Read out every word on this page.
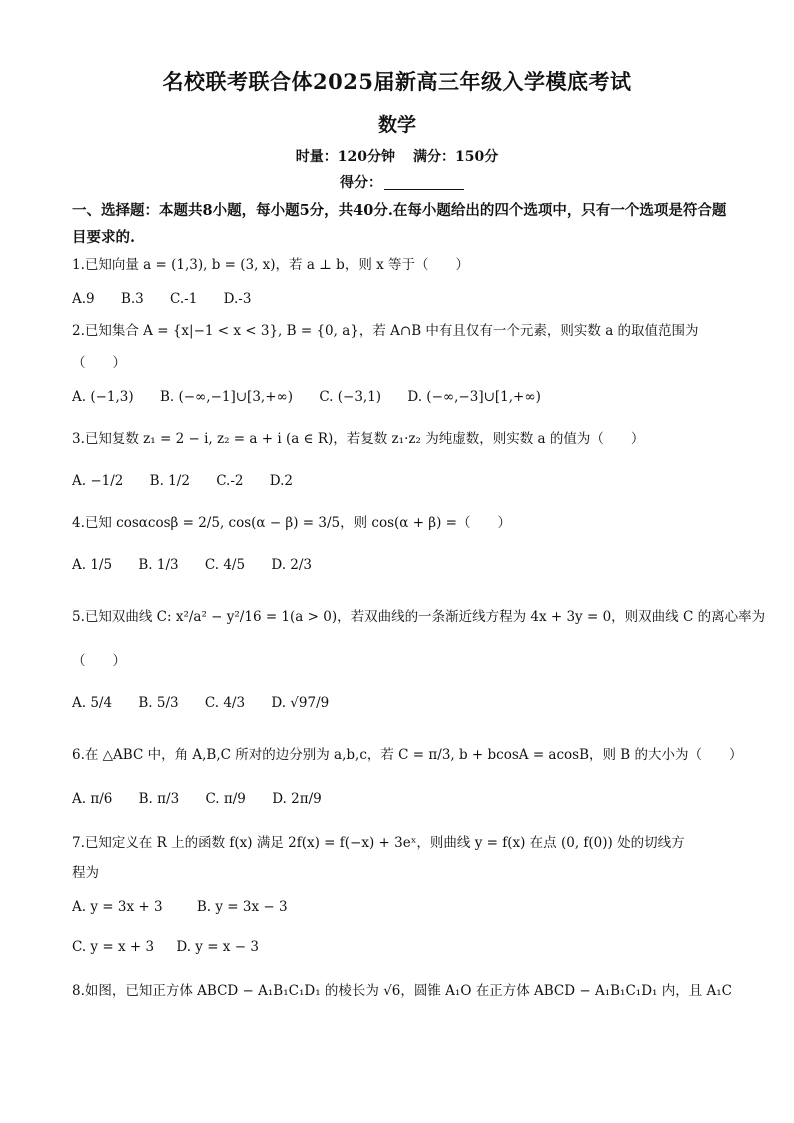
名校联考联合体2025届新高三年级入学模底考试
数学
时量：120分钟 满分：150分
得分：
一、选择题：本题共8小题，每小题5分，共40分.在每小题给出的四个选项中，只有一个选项是符合题目要求的.
1.已知向量 a = (1,3), b = (3, x)，若 a ⊥ b，则 x 等于（　　）
A.9 B.3 C.-1 D.-3
2.已知集合 A = {x|−1 < x < 3}, B = {0, a}，若 A∩B 中有且仅有一个元素，则实数 a 的取值范围为
（　　）
A. (−1,3) B. (−∞,−1]∪[3,+∞) C. (−3,1) D. (−∞,−3]∪[1,+∞)
3.已知复数 z₁ = 2 − i, z₂ = a + i (a ∈ R)，若复数 z₁·z₂ 为纯虚数，则实数 a 的值为（　　）
A. −1/2 B. 1/2 C.-2 D.2
4.已知 cosαcosβ = 2/5, cos(α − β) = 3/5，则 cos(α + β) =（　　）
A. 1/5 B. 1/3 C. 4/5 D. 2/3
5.已知双曲线 C: x²/a² − y²/16 = 1(a > 0)，若双曲线的一条渐近线方程为 4x + 3y = 0，则双曲线 C 的离心率为
（　　）
A. 5/4 B. 5/3 C. 4/3 D. √97/9
6.在 △ABC 中，角 A,B,C 所对的边分别为 a,b,c，若 C = π/3, b + bcosA = acosB，则 B 的大小为（　　）
A. π/6 B. π/3 C. π/9 D. 2π/9
7.已知定义在 R 上的函数 f(x) 满足 2f(x) = f(−x) + 3eˣ，则曲线 y = f(x) 在点 (0, f(0)) 处的切线方
程为
A. y = 3x + 3	B. y = 3x − 3
C. y = x + 3 D. y = x − 3
8.如图，已知正方体 ABCD − A₁B₁C₁D₁ 的棱长为 √6，圆锥 A₁O 在正方体 ABCD − A₁B₁C₁D₁ 内，且 A₁C
